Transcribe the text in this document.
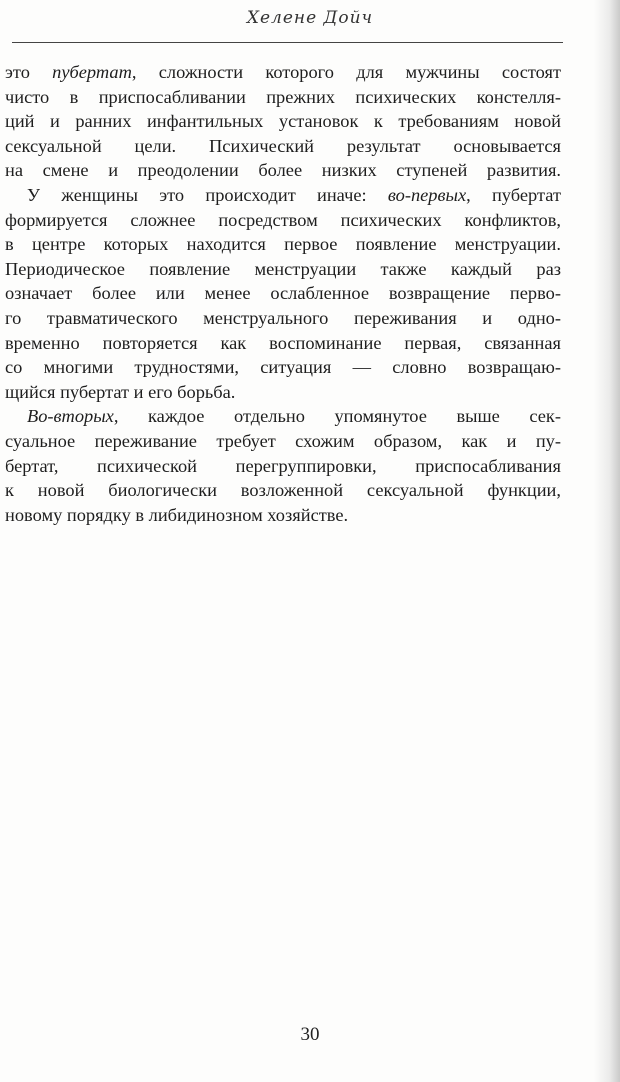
Хелене Дойч
это пубертат, сложности которого для мужчины состоят
чисто в приспосабливании прежних психических констелля-
ций и ранних инфантильных установок к требованиям новой
сексуальной цели. Психический результат основывается
на смене и преодолении более низких ступеней развития.
У женщины это происходит иначе: во-первых, пубертат
формируется сложнее посредством психических конфликтов,
в центре которых находится первое появление менструации.
Периодическое появление менструации также каждый раз
означает более или менее ослабленное возвращение перво-
го травматического менструального переживания и одно-
временно повторяется как воспоминание первая, связанная
со многими трудностями, ситуация — словно возвращаю-
щийся пубертат и его борьба.
Во-вторых, каждое отдельно упомянутое выше сек-
суальное переживание требует схожим образом, как и пу-
бертат, психической перегруппировки, приспосабливания
к новой биологически возложенной сексуальной функции,
новому порядку в либидинозном хозяйстве.
30
